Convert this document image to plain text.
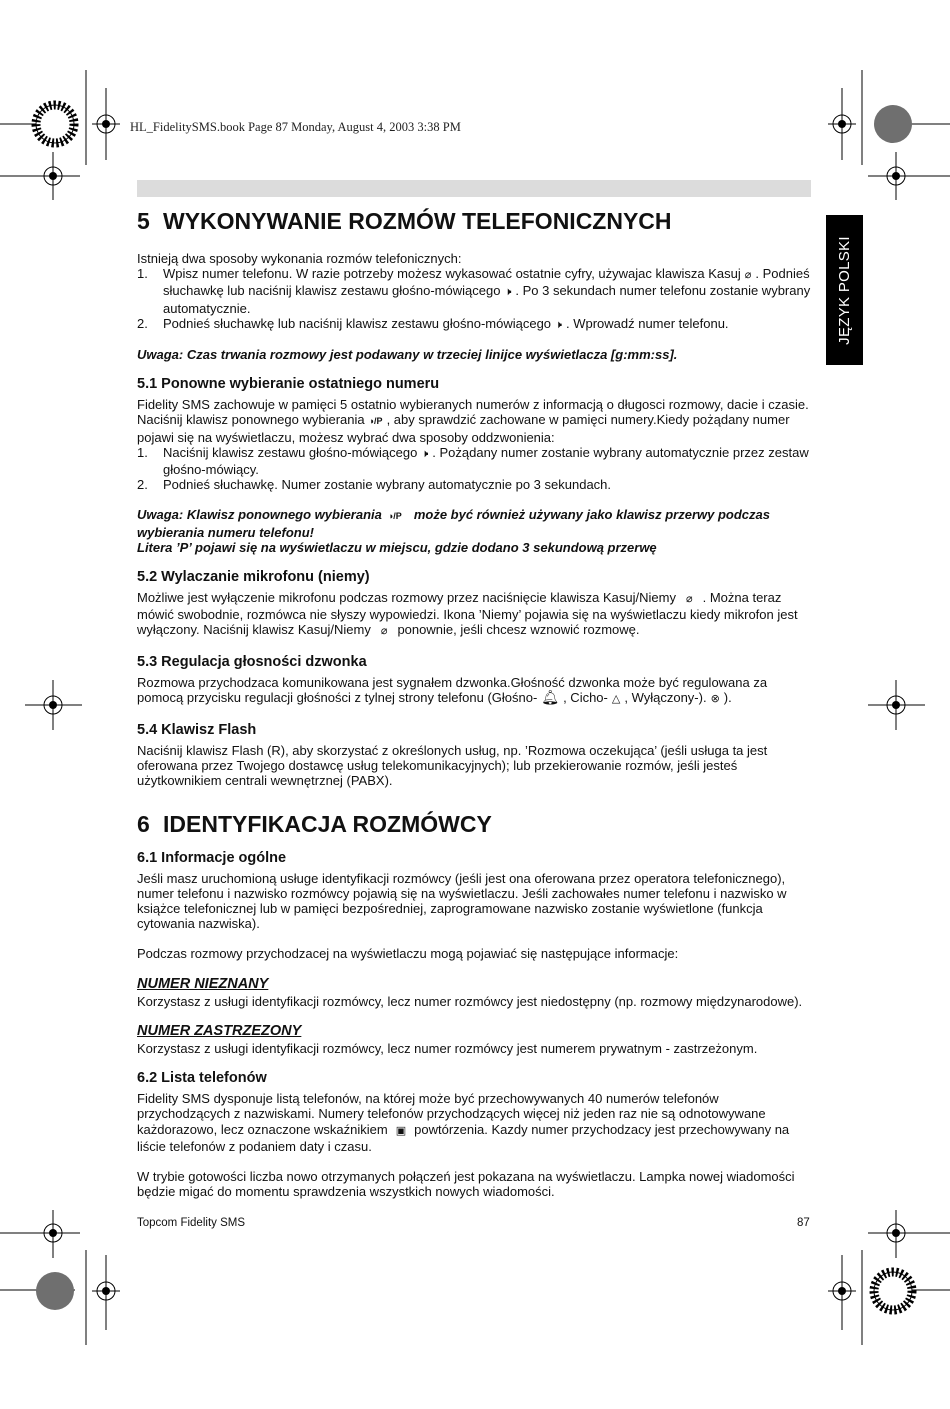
HL_FidelitySMS.book Page 87 Monday, August 4, 2003 3:38 PM
JĘZYK POLSKI
5 WYKONYWANIE ROZMÓW TELEFONICZNYCH

Istnieją dwa sposoby wykonania rozmów telefonicznych:

1.	Wpisz numer telefonu. W razie potrzeby możesz wykasować ostatnie cyfry, używajac klawisza Kasuj ⌀ . Podnieś słuchawkę lub naciśnij klawisz zestawu głośno-mówiącego 🕨 . Po 3 sekundach numer telefonu zostanie wybrany automatycznie.

2.	Podnieś słuchawkę lub naciśnij klawisz zestawu głośno-mówiącego 🕨 . Wprowadź numer telefonu.

Uwaga: Czas trwania rozmowy jest podawany w trzeciej linijce wyświetlacza [g:mm:ss].

5.1 Ponowne wybieranie ostatniego numeru

Fidelity SMS zachowuje w pamięci 5 ostatnio wybieranych numerów z informacją o długosci rozmowy, dacie i czasie. Naciśnij klawisz ponownego wybierania ◑/P , aby sprawdzić zachowane w pamięci numery.Kiedy pożądany numer pojawi się na wyświetlaczu, możesz wybrać dwa sposoby oddzwonienia:

1.	Naciśnij klawisz zestawu głośno-mówiącego 🕨 . Pożądany numer zostanie wybrany automatycznie przez zestaw głośno-mówiący.

2.	Podnieś słuchawkę. Numer zostanie wybrany automatycznie po 3 sekundach.

Uwaga: Klawisz ponownego wybierania ◑/P może być również używany jako klawisz przerwy podczas wybierania numeru telefonu!

Litera ’P’ pojawi się na wyświetlaczu w miejscu, gdzie dodano 3 sekundową przerwę

5.2 Wylaczanie mikrofonu (niemy)

Możliwe jest wyłączenie mikrofonu podczas rozmowy przez naciśnięcie klawisza Kasuj/Niemy ⌀ . Można teraz mówić swobodnie, rozmówca nie słyszy wypowiedzi. Ikona ’Niemy’ pojawia się na wyświetlaczu kiedy mikrofon jest wyłączony. Naciśnij klawisz Kasuj/Niemy ⌀ ponownie, jeśli chcesz wznowić rozmowę.

5.3 Regulacja głosności dzwonka

Rozmowa przychodzaca komunikowana jest sygnałem dzwonka.Głośność dzwonka może być regulowana za pomocą przycisku regulacji głośności z tylnej strony telefonu (Głośno- 🔔︎ , Cicho- △ , Wyłączony-). ⊗ ).

5.4 Klawisz Flash

Naciśnij klawisz Flash (R), aby skorzystać z określonych usług, np. ’Rozmowa oczekująca’ (jeśli usługa ta jest oferowana przez Twojego dostawcę usług telekomunikacyjnych); lub przekierowanie rozmów, jeśli jesteś użytkownikiem centrali wewnętrznej (PABX).

6 IDENTYFIKACJA ROZMÓWCY
6.1 Informacje ogólne

Jeśli masz uruchomioną usługe identyfikacji rozmówcy (jeśli jest ona oferowana przez operatora telefonicznego), numer telefonu i nazwisko rozmówcy pojawią się na wyświetlaczu. Jeśli zachowałes numer telefonu i nazwisko w książce telefonicznej lub w pamięci bezpośredniej, zaprogramowane nazwisko zostanie wyświetlone (funkcja cytowania nazwiska).

Podczas rozmowy przychodzacej na wyświetlaczu mogą pojawiać się następujące informacje:

NUMER NIEZNANY

Korzystasz z usługi identyfikacji rozmówcy, lecz numer rozmówcy jest niedostępny (np. rozmowy międzynarodowe).

NUMER ZASTRZEZONY

Korzystasz z usługi identyfikacji rozmówcy, lecz numer rozmówcy jest numerem prywatnym - zastrzeżonym.

6.2 Lista telefonów

Fidelity SMS dysponuje listą telefonów, na której może być przechowywanych 40 numerów telefonów przychodzących z nazwiskami. Numery telefonów przychodzących więcej niż jeden raz nie są odnotowywane każdorazowo, lecz oznaczone wskaźnikiem ▣ powtórzenia. Kazdy numer przychodzacy jest przechowywany na liście telefonów z podaniem daty i czasu.

W trybie gotowości liczba nowo otrzymanych połączeń jest pokazana na wyświetlaczu. Lampka nowej wiadomości będzie migać do momentu sprawdzenia wszystkich nowych wiadomości.

Topcom Fidelity SMS	87
